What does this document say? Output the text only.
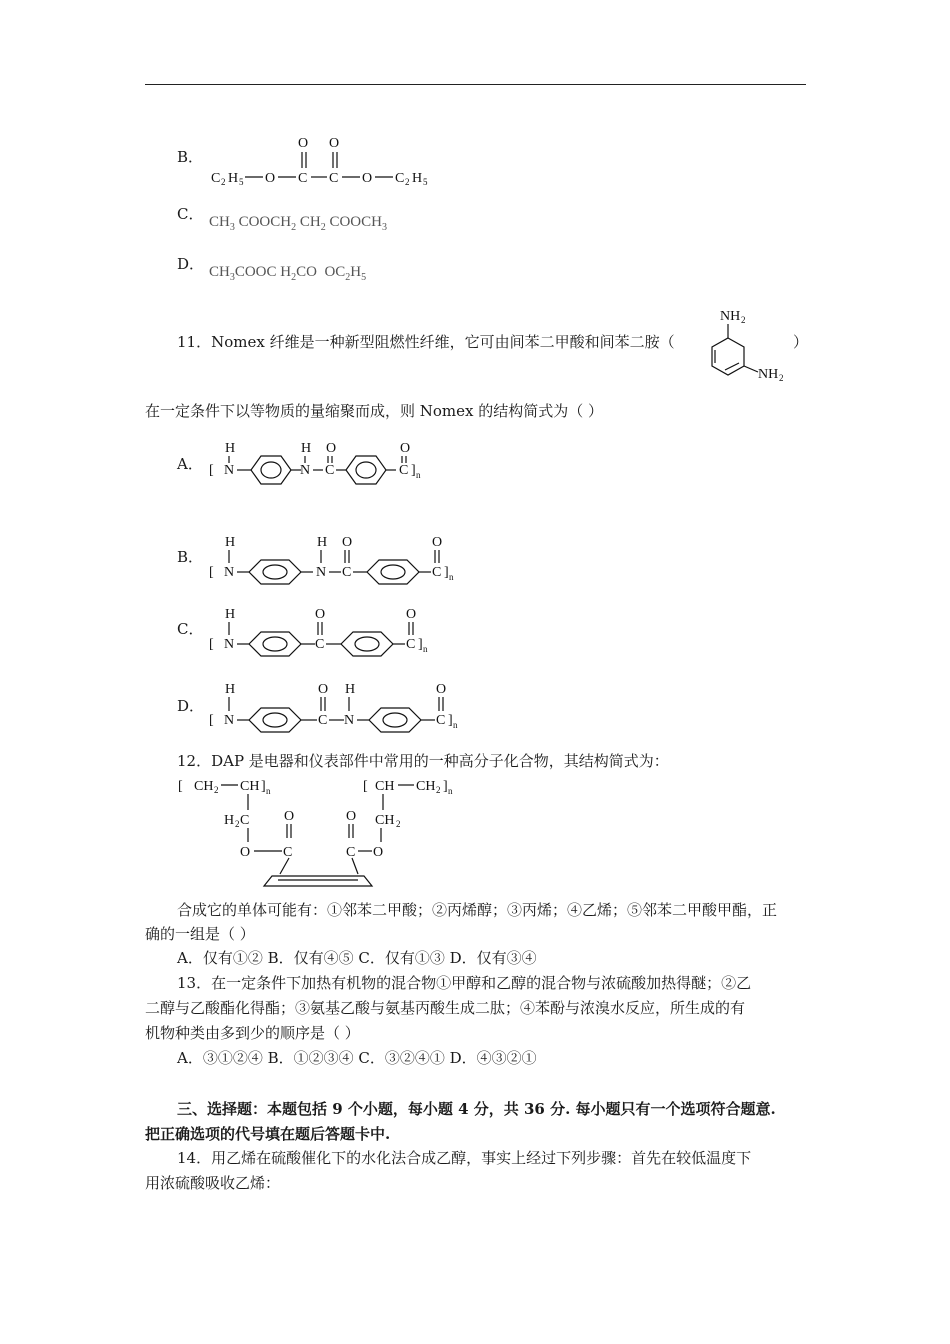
B．
C 2 H 5 O C
O
C
O
O C 2 H 5
C． $CH_3$ $COOCH_2$ $CH_2$ $COOCH_3$
D． $CH_3COOC$ $H_2CO$  $OC_2H_5$
11．Nomex 纤维是一种新型阻燃性纤维，它可由间苯二甲酸和间苯二胺（
NH 2
NH 2
）
在一定条件下以等物质的量缩聚而成，则 Nomex 的结构简式为（ ）
A． [
H
N
H
N
O
C
O
C ] n
B．
[
H
N
H
N
O
C
O
C ] n
C．
[
H
N
O
C
O
C ] n
D．
[
H
N
O
C
H
N
O
C ] n
12．DAP 是电器和仪表部件中常用的一种高分子化合物，其结构简式为：
[ CH 2 CH ] n
H 2 C O
O C
O
C O
CH 2
[ CH CH 2 ] n
合成它的单体可能有：①邻苯二甲酸；②丙烯醇；③丙烯；④乙烯；⑤邻苯二甲酸甲酯，正
确的一组是（ ）
A．仅有①② B．仅有④⑤ C．仅有①③ D．仅有③④
13．在一定条件下加热有机物的混合物①甲醇和乙醇的混合物与浓硫酸加热得醚；②乙
二醇与乙酸酯化得酯；③氨基乙酸与氨基丙酸生成二肽；④苯酚与浓溴水反应，所生成的有
机物种类由多到少的顺序是（ ）
A．③①②④ B．①②③④ C．③②④① D．④③②①
三、选择题：本题包括 9 个小题，每小题 4 分，共 36 分. 每小题只有一个选项符合题意.
把正确选项的代号填在题后答题卡中.
14．用乙烯在硫酸催化下的水化法合成乙醇，事实上经过下列步骤：首先在较低温度下
用浓硫酸吸收乙烯：
